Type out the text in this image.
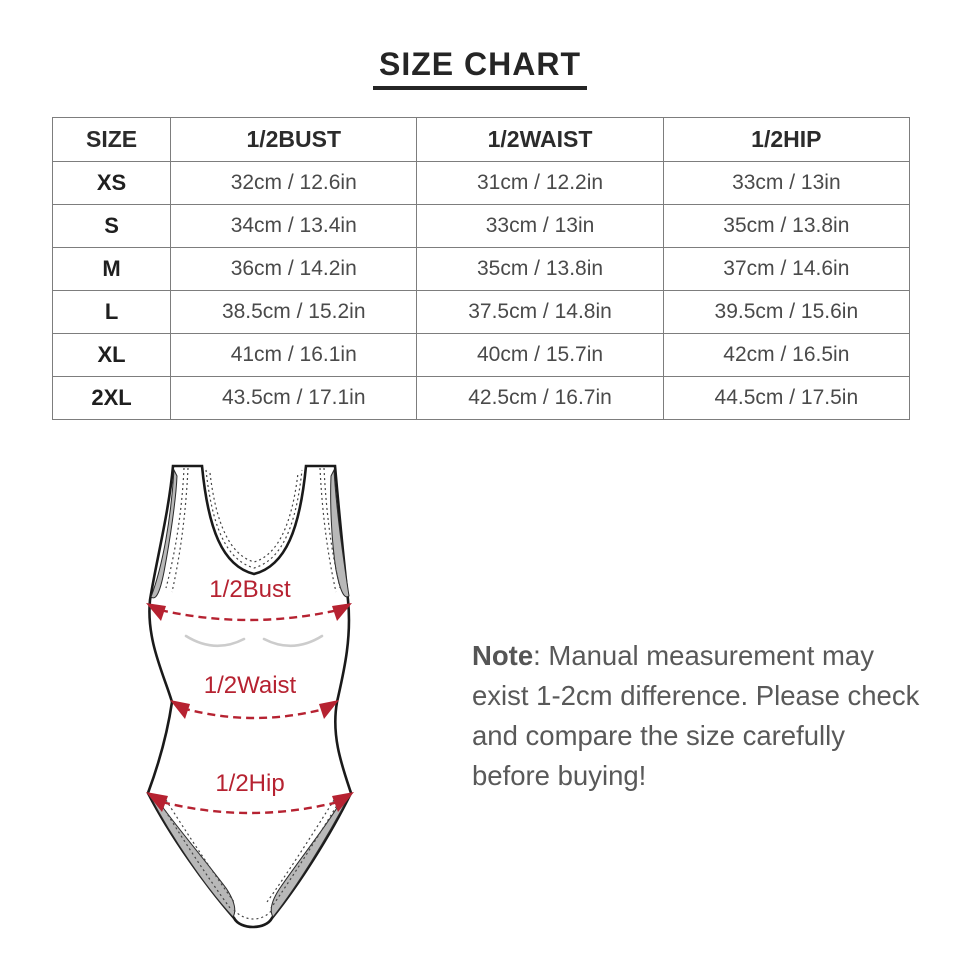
SIZE CHART
SIZE	1/2BUST	1/2WAIST	1/2HIP
XS	32cm / 12.6in	31cm / 12.2in	33cm / 13in
S	34cm / 13.4in	33cm / 13in	35cm / 13.8in
M	36cm / 14.2in	35cm / 13.8in	37cm / 14.6in
L	38.5cm / 15.2in	37.5cm / 14.8in	39.5cm / 15.6in
XL	41cm / 16.1in	40cm / 15.7in	42cm / 16.5in
2XL	43.5cm / 17.1in	42.5cm / 16.7in	44.5cm / 17.5in
1/2Bust
1/2Waist
1/2Hip
Note: Manual measurement may exist 1-2cm difference. Please check and compare the size carefully before buying!
